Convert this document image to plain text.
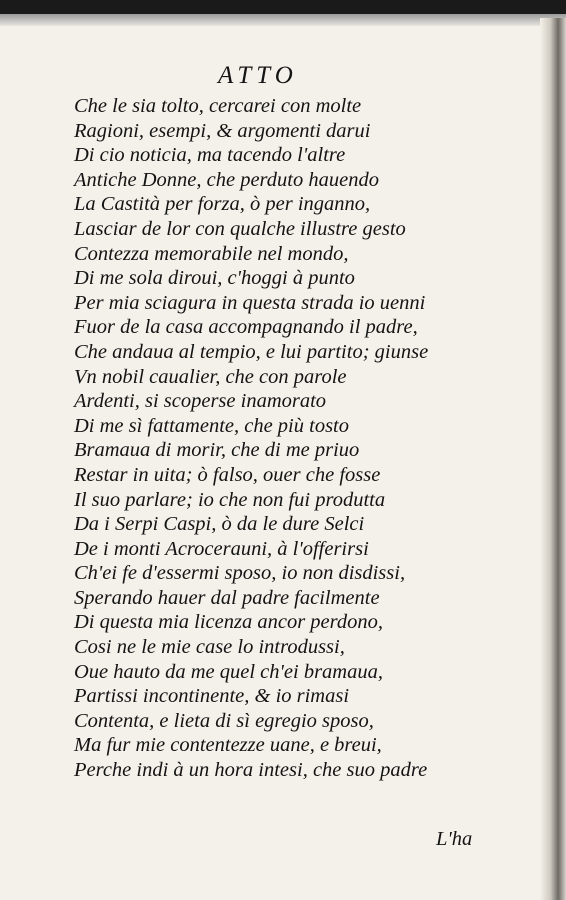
ATTO
Che le sia tolto, cercarei con molte
Ragioni, esempi, & argomenti darui
Di cio noticia, ma tacendo l'altre
Antiche Donne, che perduto hauendo
La Castità per forza, ò per inganno,
Lasciar de lor con qualche illustre gesto
Contezza memorabile nel mondo,
Di me sola diroui, c'hoggi à punto
Per mia sciagura in questa strada io uenni
Fuor de la casa accompagnando il padre,
Che andaua al tempio, e lui partito; giunse
Vn nobil caualier, che con parole
Ardenti, si scoperse inamorato
Di me sì fattamente, che più tosto
Bramaua di morir, che di me priuo
Restar in uita; ò falso, ouer che fosse
Il suo parlare; io che non fui produtta
Da i Serpi Caspi, ò da le dure Selci
De i monti Acrocerauni, à l'offerirsi
Ch'ei fe d'essermi sposo, io non disdissi,
Sperando hauer dal padre facilmente
Di questa mia licenza ancor perdono,
Cosi ne le mie case lo introdussi,
Oue hauto da me quel ch'ei bramaua,
Partissi incontinente, & io rimasi
Contenta, e lieta di sì egregio sposo,
Ma fur mie contentezze uane, e breui,
Perche indi à un hora intesi, che suo padre

L'ha
